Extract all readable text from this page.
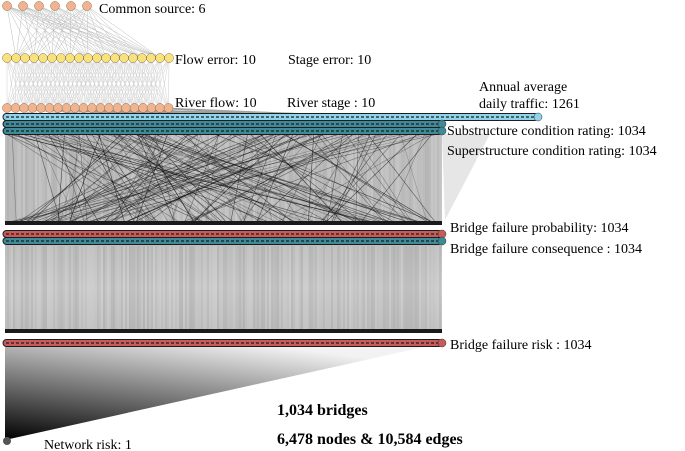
Common source: 6
Flow error: 10 Stage error: 10
River flow: 10 River stage : 10
Annual average
daily traffic: 1261
Substructure condition rating: 1034
Superstructure condition rating: 1034
Bridge failure probability: 1034
Bridge failure consequence : 1034
Bridge failure risk : 1034
Network risk: 1
1,034 bridges
6,478 nodes & 10,584 edges
